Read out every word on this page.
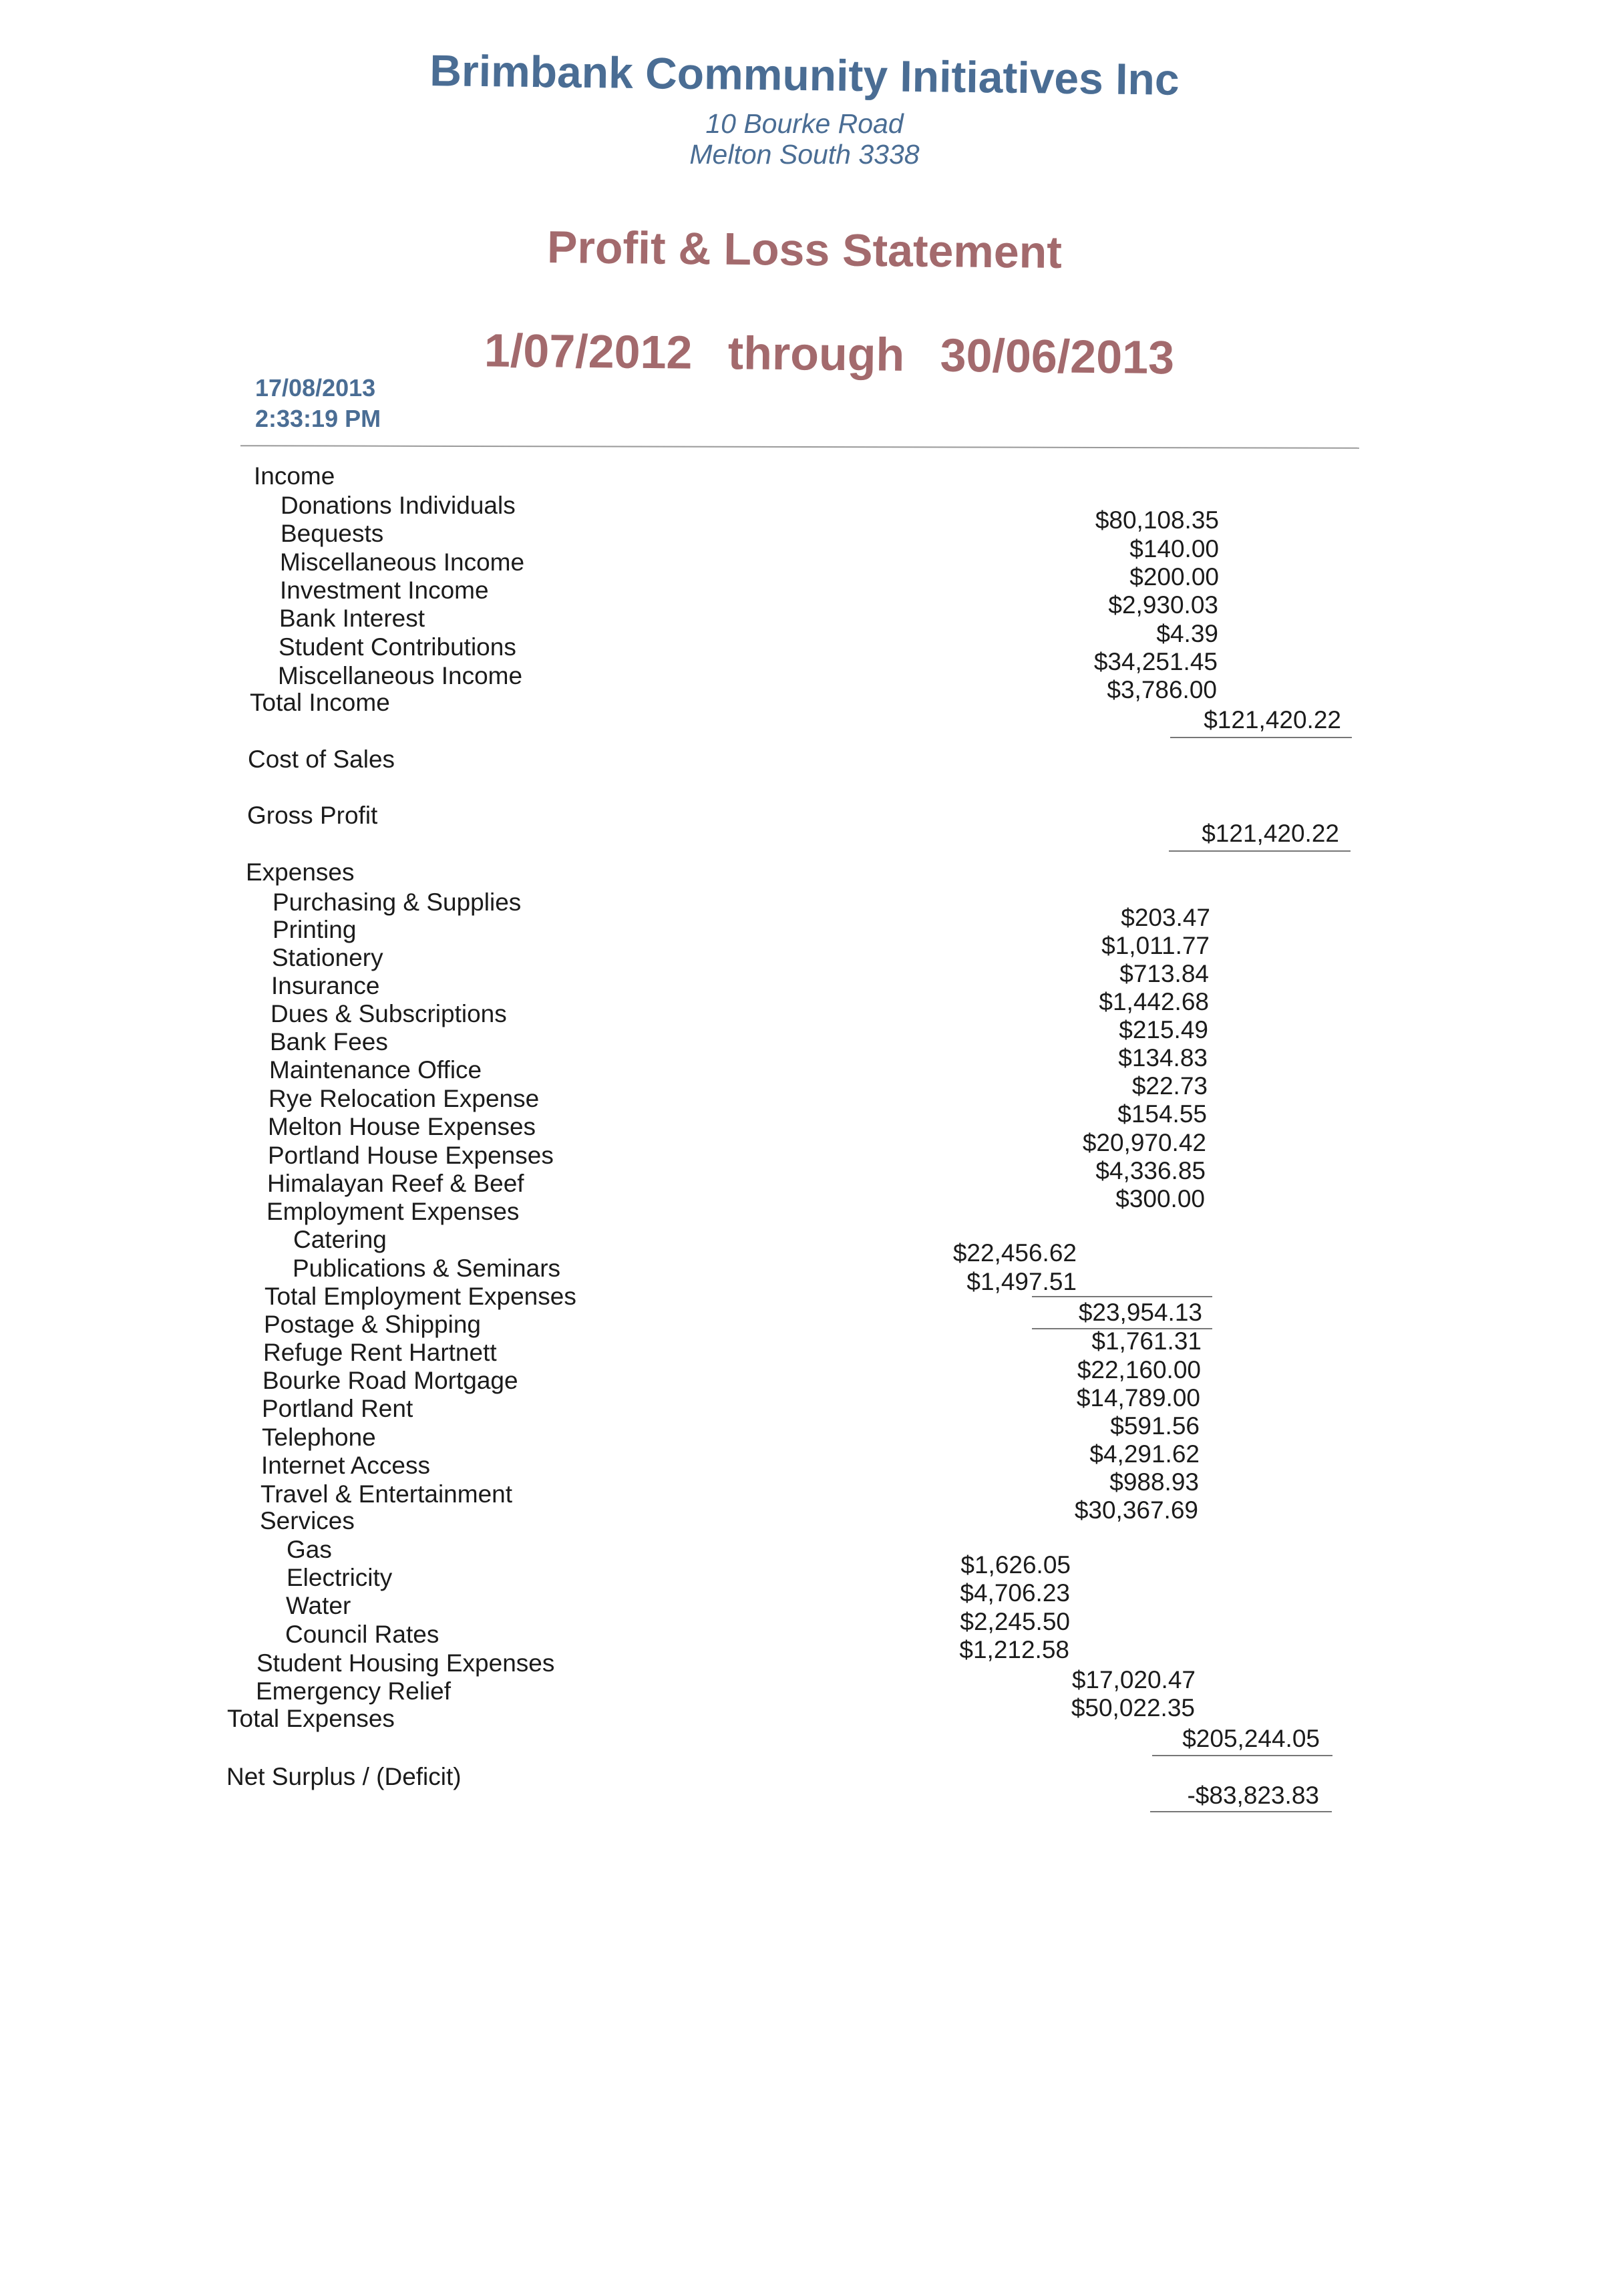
Brimbank Community Initiatives Inc
10 Bourke Road
Melton South 3338
Profit & Loss Statement
1/07/2012 through 30/06/2013
17/08/2013
2:33:19 PM
Income
Donations Individuals
Bequests
Miscellaneous Income
Investment Income
Bank Interest
Student Contributions
Miscellaneous Income
Total Income
$80,108.35
$140.00
$200.00
$2,930.03
$4.39
$34,251.45
$3,786.00
$121,420.22
Cost of Sales
Gross Profit
$121,420.22
Expenses
Purchasing & Supplies
Printing
Stationery
Insurance
Dues & Subscriptions
Bank Fees
Maintenance Office
Rye Relocation Expense
Melton House Expenses
Portland House Expenses
Himalayan Reef & Beef
$203.47
$1,011.77
$713.84
$1,442.68
$215.49
$134.83
$22.73
$154.55
$20,970.42
$4,336.85
$300.00
Employment Expenses
Catering
Publications & Seminars
$22,456.62
$1,497.51
Total Employment Expenses
$23,954.13
Postage & Shipping
Refuge Rent Hartnett
Bourke Road Mortgage
Portland Rent
Telephone
Internet Access
Travel & Entertainment
$1,761.31
$22,160.00
$14,789.00
$591.56
$4,291.62
$988.93
$30,367.69
Services
Gas
Electricity
Water
Council Rates
$1,626.05
$4,706.23
$2,245.50
$1,212.58
Student Housing Expenses
Emergency Relief	$17,020.47
$50,022.35
Total Expenses
$205,244.05
Net Surplus / (Deficit)
-$83,823.83
